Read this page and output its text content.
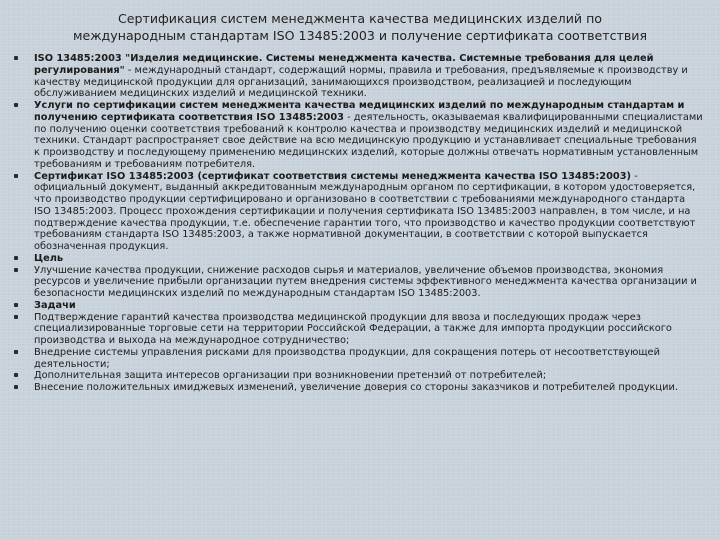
Сертификация систем менеджмента качества медицинских изделий по международным стандартам ISO 13485:2003 и получение сертификата соответствия
ISO 13485:2003 "Изделия медицинские. Системы менеджмента качества. Системные требования для целей регулирования" - международный стандарт, содержащий нормы, правила и требования, предъявляемые к производству и качеству медицинской продукции для организаций, занимающихся производством, реализацией и последующим обслуживанием медицинских изделий и медицинской техники.
Услуги по сертификации систем менеджмента качества медицинских изделий по международным стандартам и получению сертификата соответствия ISO 13485:2003 - деятельность, оказываемая квалифицированными специалистами по получению оценки соответствия требований к контролю качества и производству медицинских изделий и медицинской техники. Стандарт распространяет свое действие на всю медицинскую продукцию и устанавливает специальные требования к производству и последующему применению медицинских изделий, которые должны отвечать нормативным установленным требованиям и требованиям потребителя.
Сертификат ISO 13485:2003 (сертификат соответствия системы менеджмента качества ISO 13485:2003) - официальный документ, выданный аккредитованным международным органом по сертификации, в котором удостоверяется, что производство продукции сертифицировано и организовано в соответствии с требованиями международного стандарта ISO 13485:2003. Процесс прохождения сертификации и получения сертификата ISO 13485:2003 направлен, в том числе, и на подтверждение качества продукции, т.е. обеспечение гарантии того, что производство и качество продукции соответствуют требованиям стандарта ISO 13485:2003, а также нормативной документации, в соответствии с которой выпускается обозначенная продукция.
Цель
Улучшение качества продукции, снижение расходов сырья и материалов, увеличение объемов производства, экономия ресурсов и увеличение прибыли организации путем внедрения системы эффективного менеджмента качества организации и безопасности медицинских изделий по международным стандартам ISO 13485:2003.
Задачи
Подтверждение гарантий качества производства медицинской продукции для ввоза и последующих продаж через специализированные торговые сети на территории Российской Федерации, а также для импорта продукции российского производства и выхода на международное сотрудничество;
Внедрение системы управления рисками для производства продукции, для сокращения потерь от несоответствующей деятельности;
Дополнительная защита интересов организации при возникновении претензий от потребителей;
Внесение положительных имиджевых изменений, увеличение доверия со стороны заказчиков и потребителей продукции.
